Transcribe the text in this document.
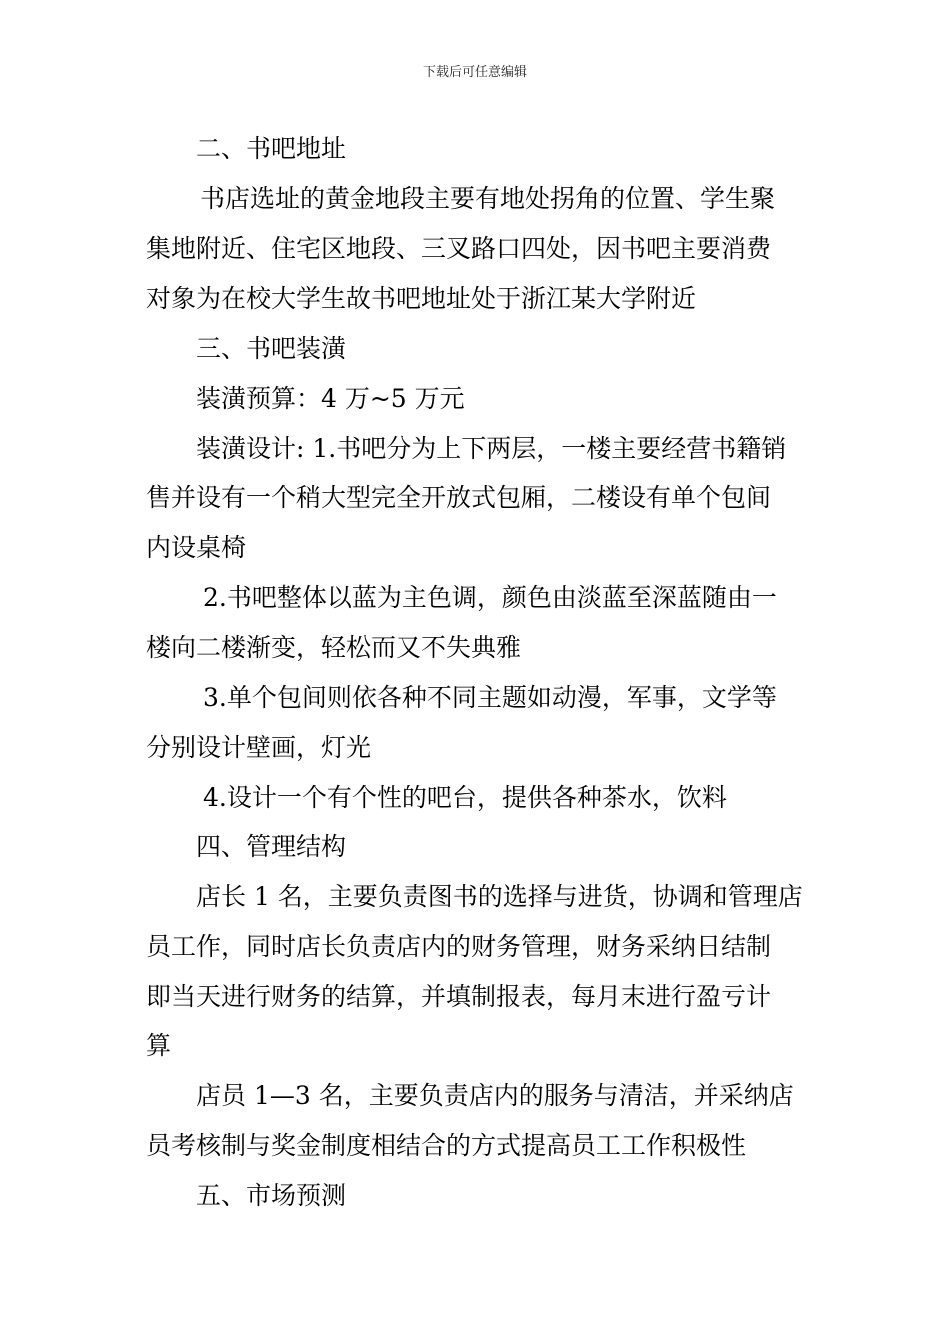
下载后可任意编辑
二、书吧地址
书店选址的黄金地段主要有地处拐角的位置、学生聚
集地附近、住宅区地段、三叉路口四处，因书吧主要消费
对象为在校大学生故书吧地址处于浙江某大学附近
三、书吧装潢
装潢预算：4 万~5 万元
装潢设计: 1.书吧分为上下两层，一楼主要经营书籍销
售并设有一个稍大型完全开放式包厢，二楼设有单个包间
内设桌椅
2.书吧整体以蓝为主色调，颜色由淡蓝至深蓝随由一
楼向二楼渐变，轻松而又不失典雅
3.单个包间则依各种不同主题如动漫，军事，文学等
分别设计壁画，灯光
4.设计一个有个性的吧台，提供各种茶水，饮料
四、管理结构
店长 1 名，主要负责图书的选择与进货，协调和管理店
员工作，同时店长负责店内的财务管理，财务采纳日结制
即当天进行财务的结算，并填制报表，每月末进行盈亏计
算
店员 1—3 名，主要负责店内的服务与清洁，并采纳店
员考核制与奖金制度相结合的方式提高员工工作积极性
五、市场预测
